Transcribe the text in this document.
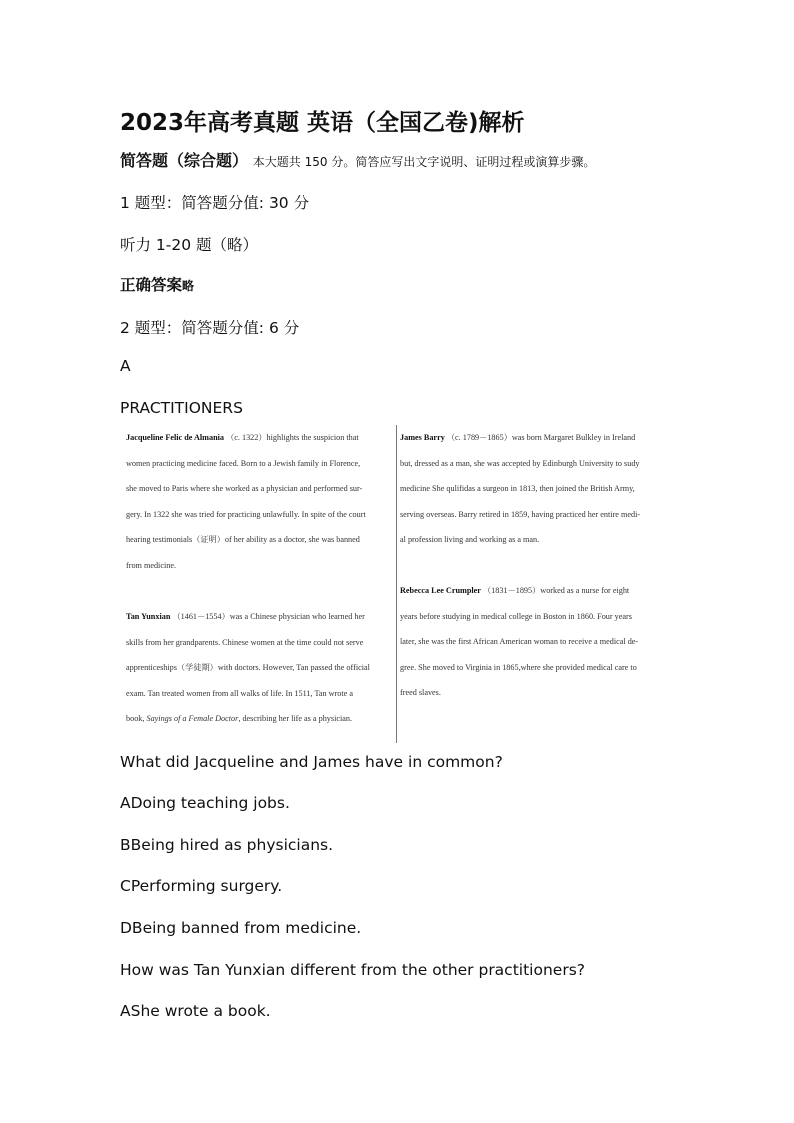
2023年高考真题 英语（全国乙卷)解析
简答题（综合题） 本大题共 150 分。简答应写出文字说明、证明过程或演算步骤。
1 题型：简答题分值: 30 分
听力 1-20 题（略）
正确答案略
2 题型：简答题分值: 6 分
A
PRACTITIONERS
Jacqueline Felic de Almania （c. 1322）highlights the suspicion that
women practicing medicine faced. Born to a Jewish family in Florence,
she moved to Paris where she worked as a physician and performed sur-
gery. In 1322 she was tried for practicing unlawfully. In spite of the court
hearing testimonials（证明）of her ability as a doctor, she was banned
from medicine.
Tan Yunxian （1461－1554）was a Chinese physician who learned her
skills from her grandparents. Chinese women at the time could not serve
apprenticeships（学徒期）with doctors. However, Tan passed the official
exam. Tan treated women from all walks of life. In 1511, Tan wrote a
book, Sayings of a Female Doctor, describing her life as a physician.
James Barry （c. 1789－1865）was born Margaret Bulkley in Ireland
but, dressed as a man, she was accepted by Edinburgh University to sudy
medicine She qulifidas a surgeon in 1813, then joined the British Army,
serving overseas. Barry retired in 1859, having practiced her entire medi-
al profession living and working as a man.
Rebecca Lee Crumpler （1831－1895）worked as a nurse for eight
years before studying in medical college in Boston in 1860. Four years
later, she was the first African American woman to receive a medical de-
gree. She moved to Virginia in 1865,where she provided medical care to
freed slaves.
What did Jacqueline and James have in common?
ADoing teaching jobs.
BBeing hired as physicians.
CPerforming surgery.
DBeing banned from medicine.
How was Tan Yunxian different from the other practitioners?
AShe wrote a book.
